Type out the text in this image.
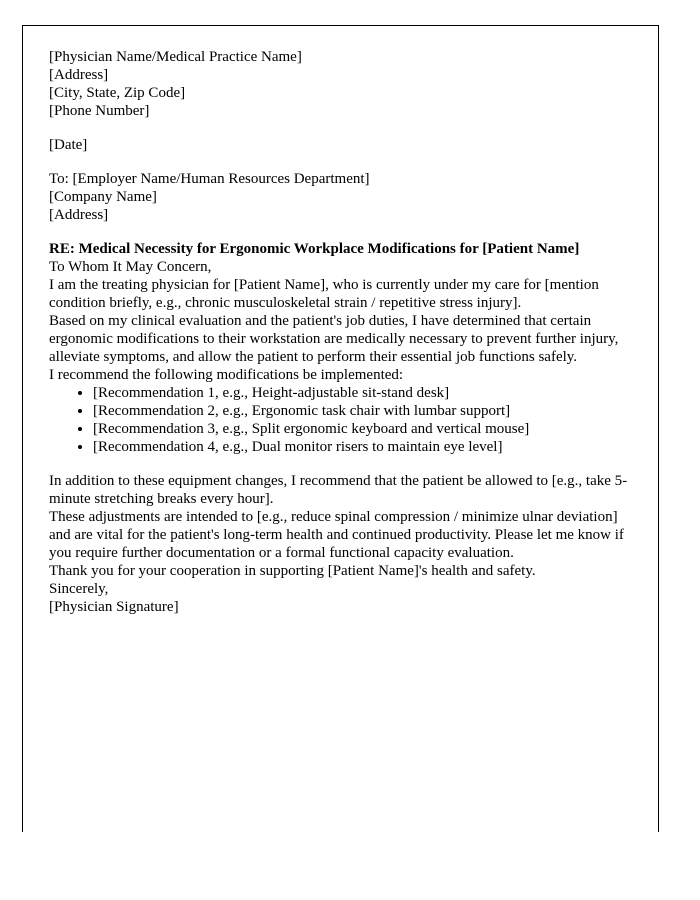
[Physician Name/Medical Practice Name]

[Address]

[City, State, Zip Code]

[Phone Number]

[Date]

To: [Employer Name/Human Resources Department]

[Company Name]

[Address]

RE: Medical Necessity for Ergonomic Workplace Modifications for [Patient Name]

To Whom It May Concern,

I am the treating physician for [Patient Name], who is currently under my care for [mention condition briefly, e.g., chronic musculoskeletal strain / repetitive stress injury].

Based on my clinical evaluation and the patient's job duties, I have determined that certain ergonomic modifications to their workstation are medically necessary to prevent further injury, alleviate symptoms, and allow the patient to perform their essential job functions safely.

I recommend the following modifications be implemented:

• [Recommendation 1, e.g., Height-adjustable sit-stand desk]
• [Recommendation 2, e.g., Ergonomic task chair with lumbar support]
• [Recommendation 3, e.g., Split ergonomic keyboard and vertical mouse]
• [Recommendation 4, e.g., Dual monitor risers to maintain eye level]

In addition to these equipment changes, I recommend that the patient be allowed to [e.g., take 5-minute stretching breaks every hour].

These adjustments are intended to [e.g., reduce spinal compression / minimize ulnar deviation] and are vital for the patient's long-term health and continued productivity. Please let me know if you require further documentation or a formal functional capacity evaluation.

Thank you for your cooperation in supporting [Patient Name]'s health and safety.

Sincerely,

[Physician Signature]
